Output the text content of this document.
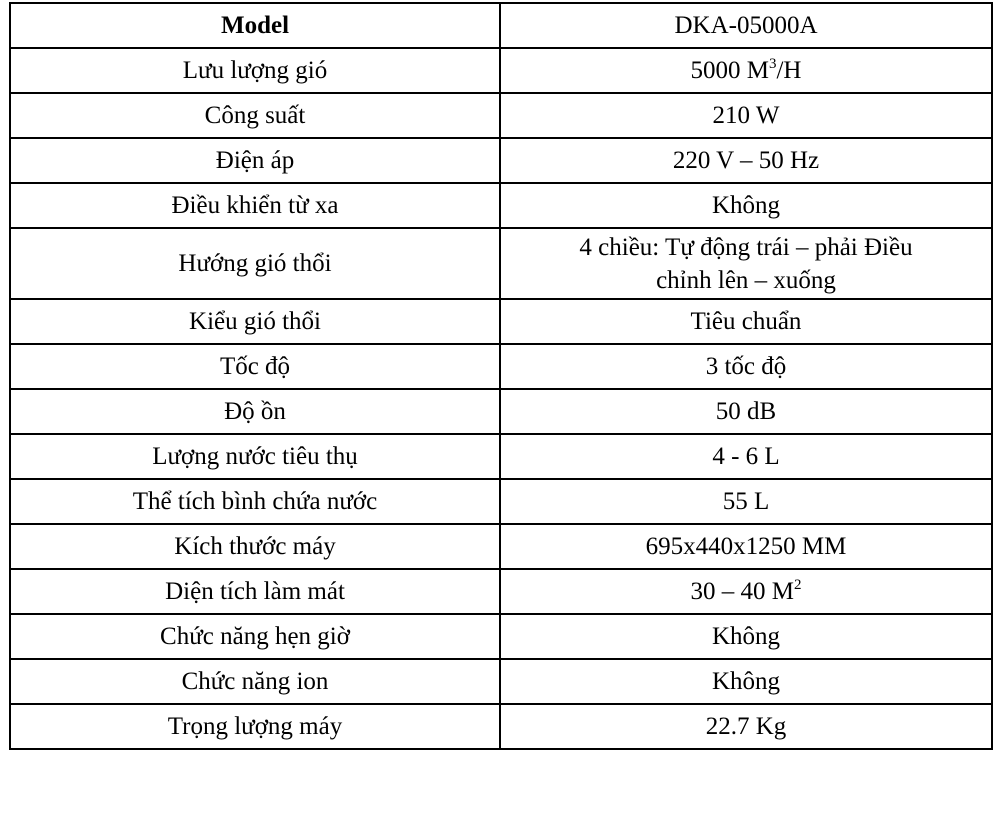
Model	DKA-05000A
Lưu lượng gió	5000 $M^3/H$
Công suất	210 W
Điện áp	220 V – 50 Hz
Điều khiển từ xa	Không
Hướng gió thổi	4 chiều: Tự động trái – phải Điều
chỉnh lên – xuống
Kiểu gió thổi	Tiêu chuẩn
Tốc độ	3 tốc độ
Độ ồn	50 dB
Lượng nước tiêu thụ	4 - 6 L
Thể tích bình chứa nước	55 L
Kích thước máy	695x440x1250 MM
Diện tích làm mát	30 – 40 $M^2$
Chức năng hẹn giờ	Không
Chức năng ion	Không
Trọng lượng máy	22.7 Kg
